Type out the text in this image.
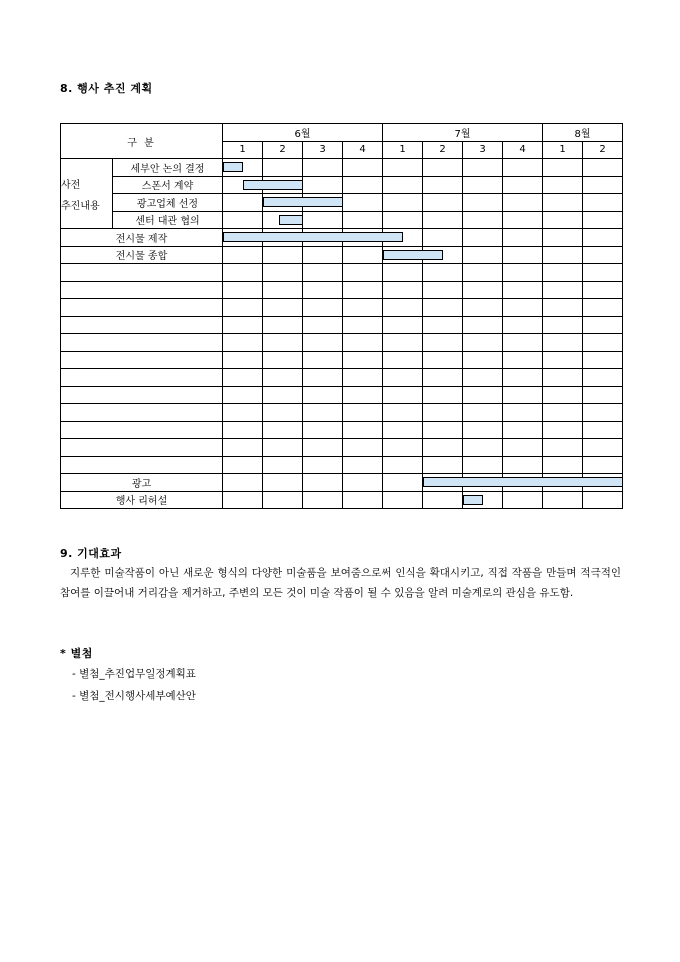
8. 행사 추진 계획
구 분		6월				7월				8월	
		1	2	3	4	1	2	3	4	1	2

사전
추진내용	세부안 논의 결정	

	스폰서 계약	

	광고업체 선정	

	센터 대관 협의	

전시물 제작		

전시물 종합		

광고		

행사 리허설		

9. 기대효과
지루한 미술작품이 아닌 새로운 형식의 다양한 미술품을 보여줌으로써 인식을 확대시키고, 직접 작품을 만들며 적극적인 참여를 이끌어내 거리감을 제거하고, 주변의 모든 것이 미술 작품이 될 수 있음을 알려 미술계로의 관심을 유도함.
* 별첨
- 별첨_추진업무일정계획표
- 별첨_전시행사세부예산안
